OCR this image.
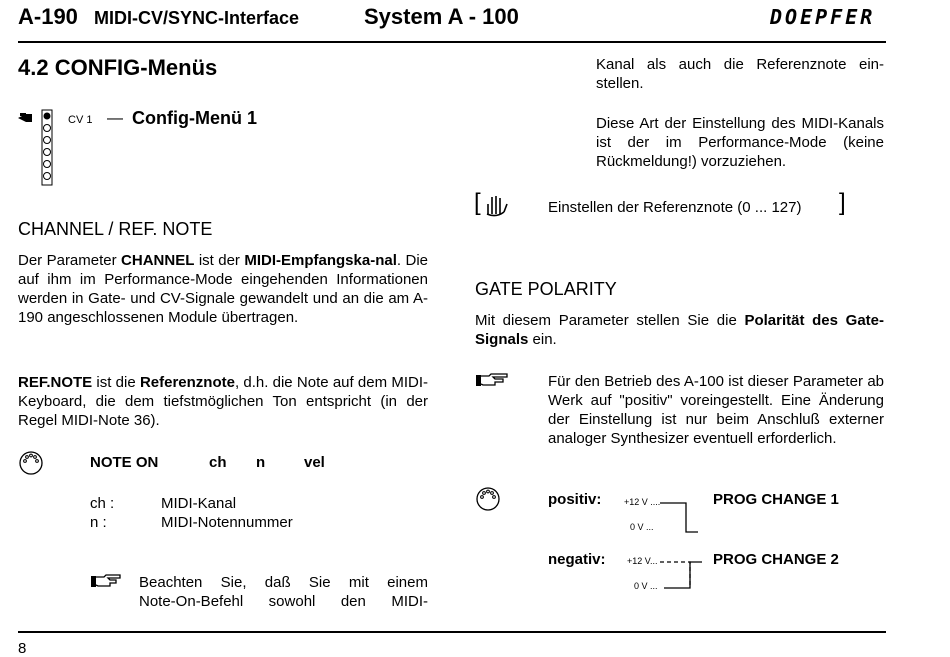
A-190 MIDI-CV/SYNC-Interface	System A - 100	DOEPFER
4.2 CONFIG-Menüs
CV 1 — Config-Menü 1
CHANNEL / REF. NOTE
Der Parameter CHANNEL ist der MIDI-Empfangska-nal. Die auf ihm im Performance-Mode eingehenden Informationen werden in Gate- und CV-Signale gewandelt und an die am A-190 angeschlossenen Module übertragen.
REF.NOTE ist die Referenznote, d.h. die Note auf dem MIDI-Keyboard, die dem tiefstmöglichen Ton entspricht (in der Regel MIDI-Note 36).
NOTE ON	ch n	vel
ch :	MIDI-Kanal
n :	MIDI-Notennummer
Beachten Sie, daß Sie mit einem
Note-On-Befehl sowohl den MIDI-
Kanal als auch die Referenznote ein-
stellen.
Diese Art der Einstellung des MIDI-Kanals ist der im Performance-Mode (keine Rückmeldung!) vorzuziehen.
[	Einstellen der Referenznote (0 ... 127) ]
GATE POLARITY
Mit diesem Parameter stellen Sie die Polarität des Gate-Signals ein.
Für den Betrieb des A-100 ist dieser Parameter ab Werk auf "positiv" voreingestellt. Eine Änderung der Einstellung ist nur beim Anschluß externer analoger Synthesizer eventuell erforderlich.
positiv:	+12 V ....
0 V ...
PROG CHANGE 1
negativ: +12 V...
0 V ...
PROG CHANGE 2
8
